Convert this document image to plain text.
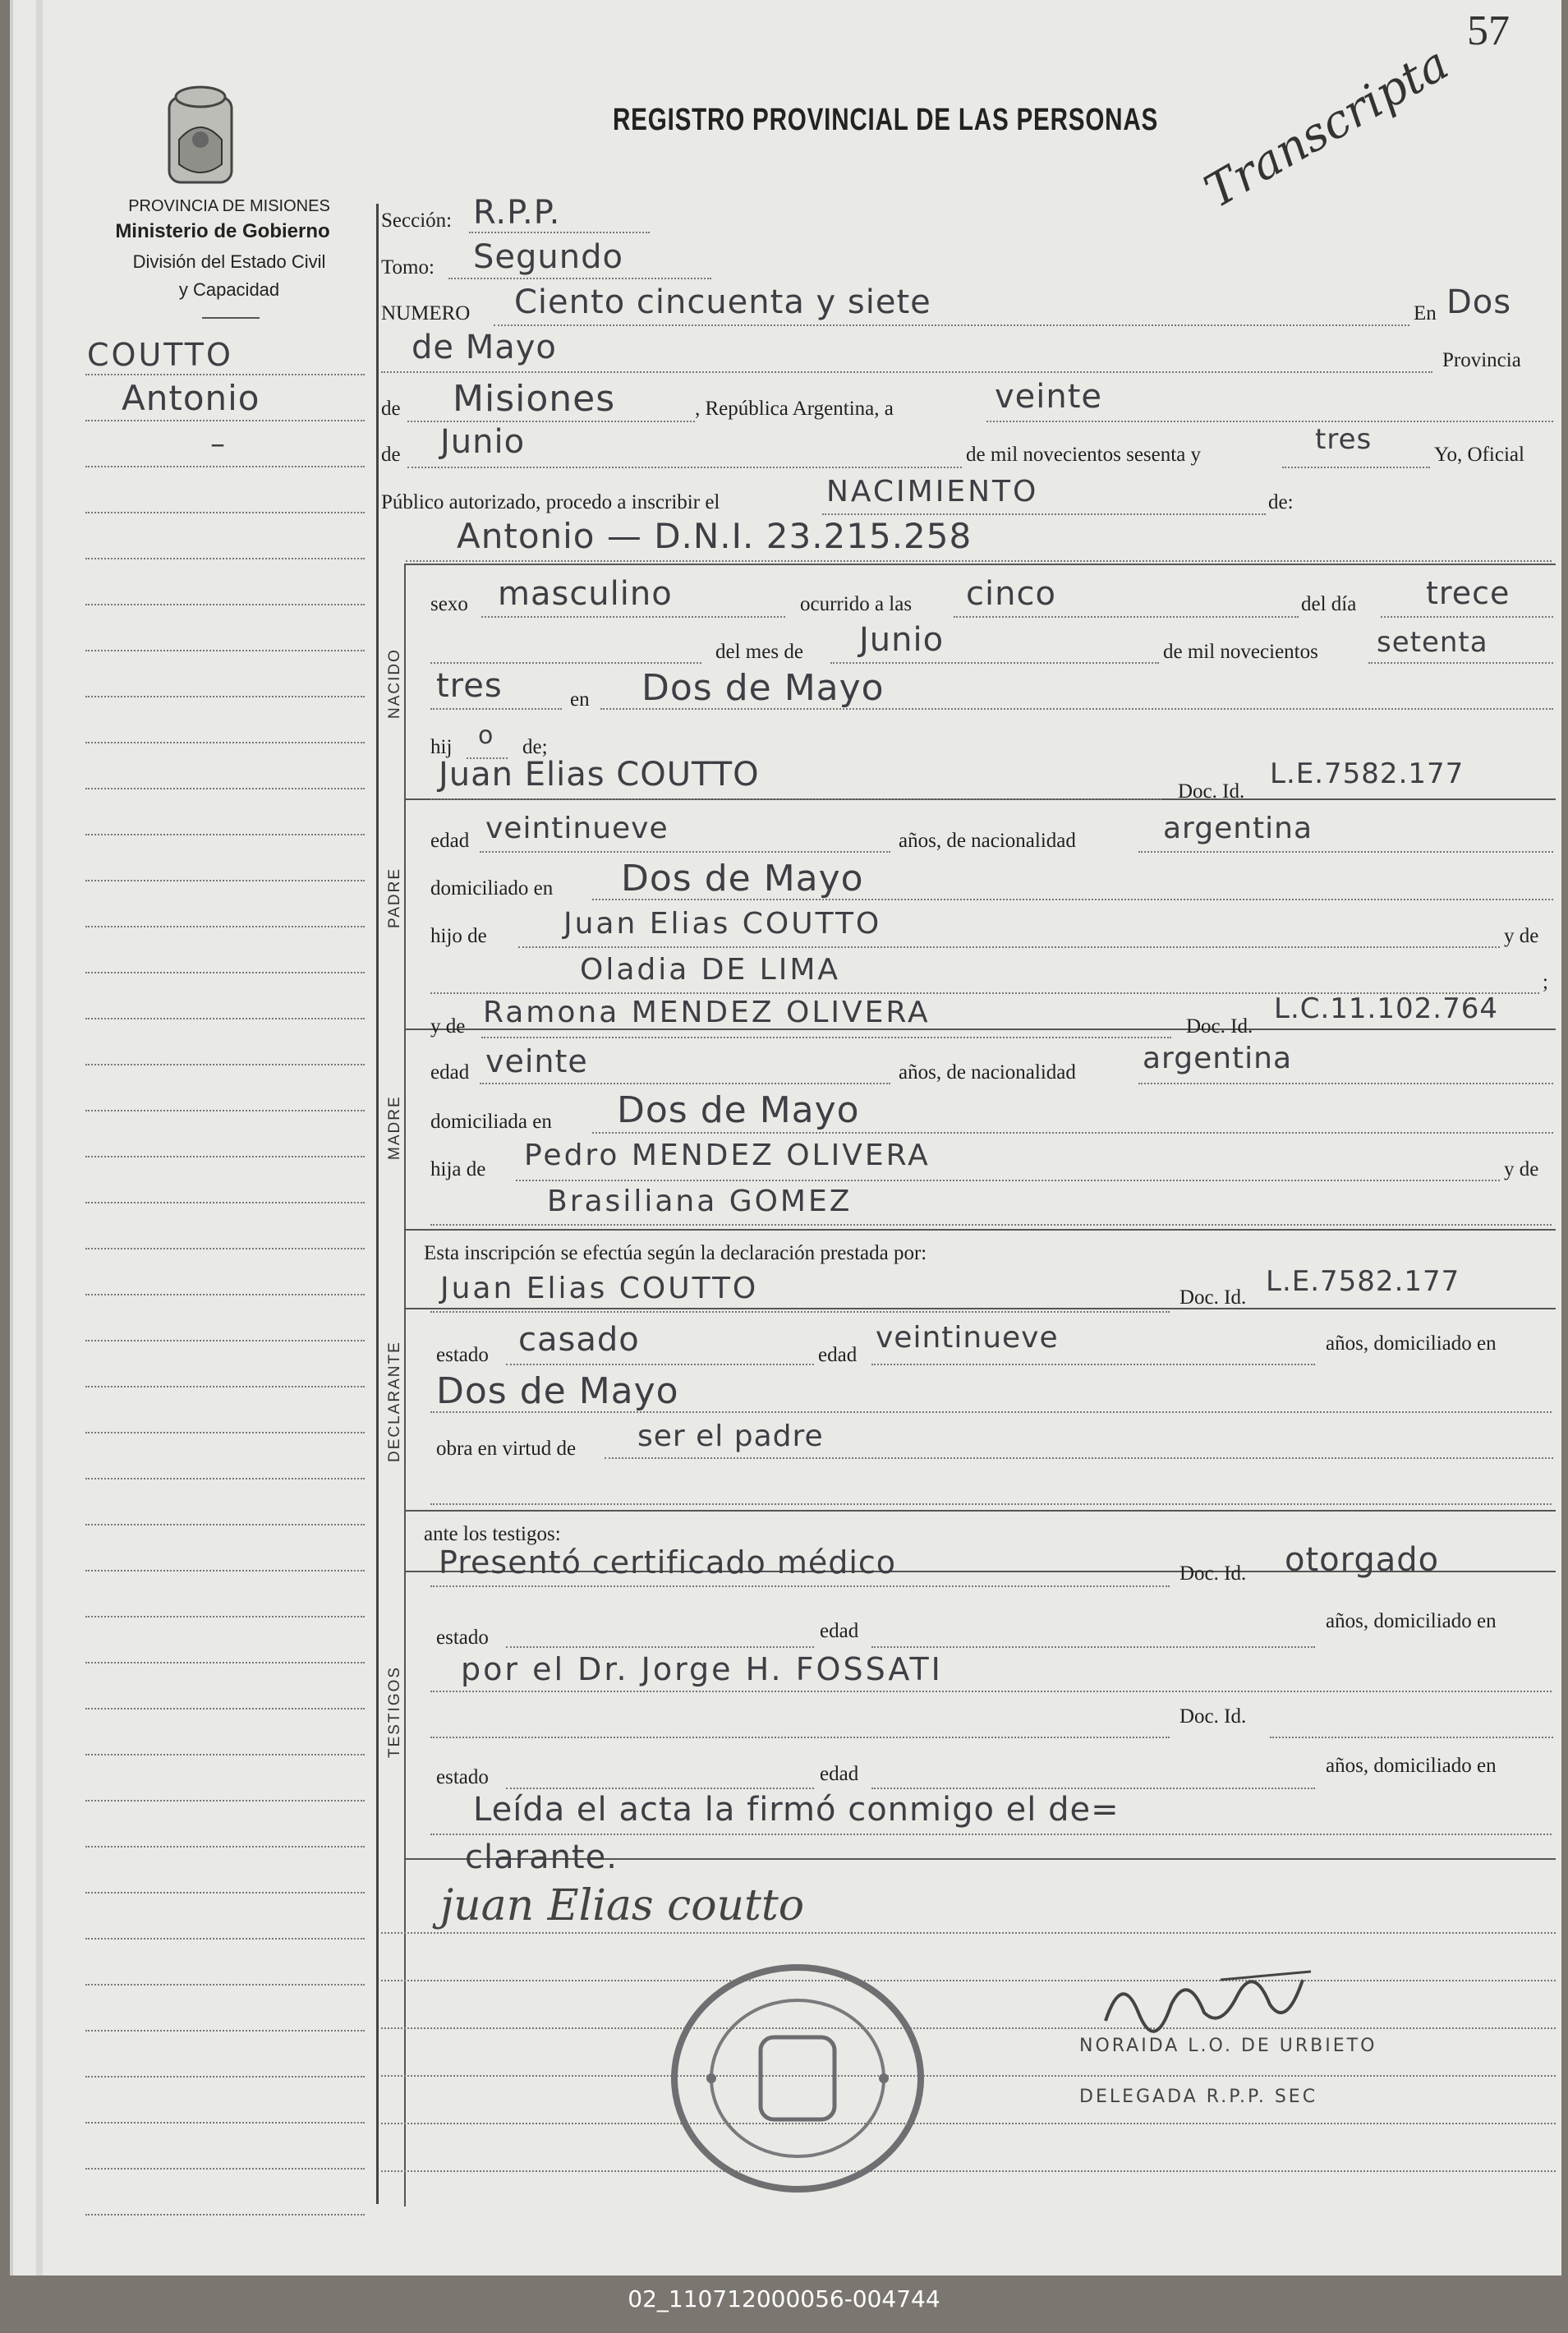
57
REGISTRO PROVINCIAL DE LAS PERSONAS Transcripta
PROVINCIA DE MISIONES
Ministerio de Gobierno
División del Estado Civil
y Capacidad
COUTTO
Antonio
–
NACIDO
PADRE
MADRE
DECLARANTE
TESTIGOS
Sección: R.P.P.
Tomo: Segundo
NUMERO Ciento cincuenta y siete	En Dos
de Mayo	Provincia
de Misiones	, República Argentina, a	veinte
de Junio	de mil novecientos sesenta y	tres	Yo, Oficial
Público autorizado, procedo a inscribir el	NACIMIENTO	de:
Antonio — D.N.I. 23.215.258
sexo masculino	ocurrido a las cinco	del día trece
del mes de Junio	de mil novecientos setenta
tres	en Dos de Mayo
hij o de;
Juan Elias COUTTO	Doc. Id.
L.E.7582.177
edad veintinueve	años, de nacionalidad	argentina
domiciliado en Dos de Mayo
hijo de	Juan Elias COUTTO	y de
Oladia DE LIMA	;
y de Ramona MENDEZ OLIVERA	Doc. Id.
L.C.11.102.764
edad veinte	años, de nacionalidad argentina
domiciliada en Dos de Mayo
hija de Pedro MENDEZ OLIVERA	y de
Brasiliana GOMEZ
Esta inscripción se efectúa según la declaración prestada por:
Juan Elias COUTTO	Doc. Id. L.E.7582.177
estado casado	edad
veintinueve	años, domiciliado en
Dos de Mayo
obra en virtud de ser el padre
ante los testigos:
Presentó certificado médico	Doc. Id. otorgado
estado	edad	años, domiciliado en
por el Dr. Jorge H. FOSSATI
Doc. Id.
estado	edad	años, domiciliado en
Leída el acta la firmó conmigo el de=
clarante.
juan Elias coutto
NORAIDA L.O. DE URBIETO
DELEGADA R.P.P. SEC
02_110712000056-004744
